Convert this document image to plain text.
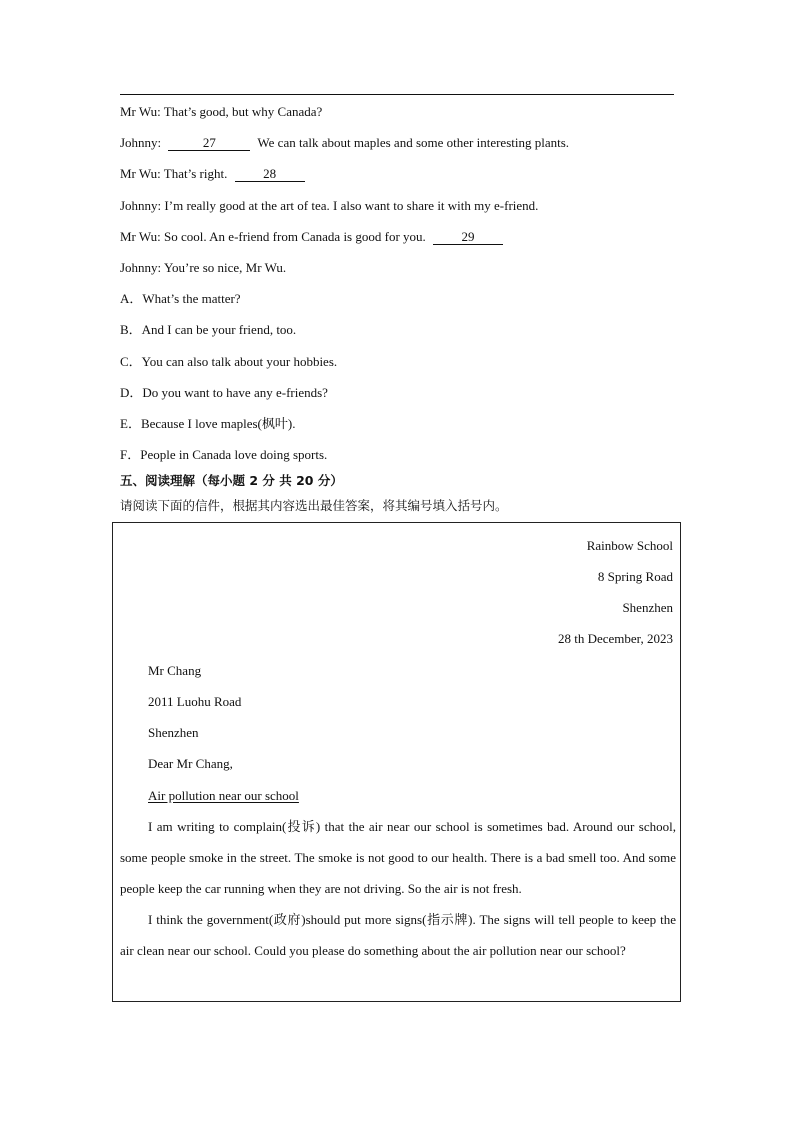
Mr Wu: That’s good, but why Canada?
Johnny:	27	We can talk about maples and some other interesting plants.
Mr Wu: That’s right.	28
Johnny: I’m really good at the art of tea. I also want to share it with my e-friend.
Mr Wu: So cool. An e-friend from Canada is good for you.	29
Johnny: You’re so nice, Mr Wu.
A．What’s the matter?
B．And I can be your friend, too.
C．You can also talk about your hobbies.
D．Do you want to have any e-friends?
E．Because I love maples(枫叶).
F．People in Canada love doing sports.
五、阅读理解（每小题 2 分 共 20 分）
请阅读下面的信件，根据其内容选出最佳答案，将其编号填入括号内。
Rainbow School
8 Spring Road
Shenzhen
28 th December, 2023
Mr Chang
2011 Luohu Road
Shenzhen
Dear Mr Chang,
Air pollution near our school

I am writing to complain(投诉) that the air near our school is sometimes bad. Around our school, some people smoke in the street. The smoke is not good to our health. There is a bad smell too. And some people keep the car running when they are not driving. So the air is not fresh.

I think the government(政府)should put more signs(指示牌). The signs will tell people to keep the air clean near our school. Could you please do something about the air pollution near our school?
